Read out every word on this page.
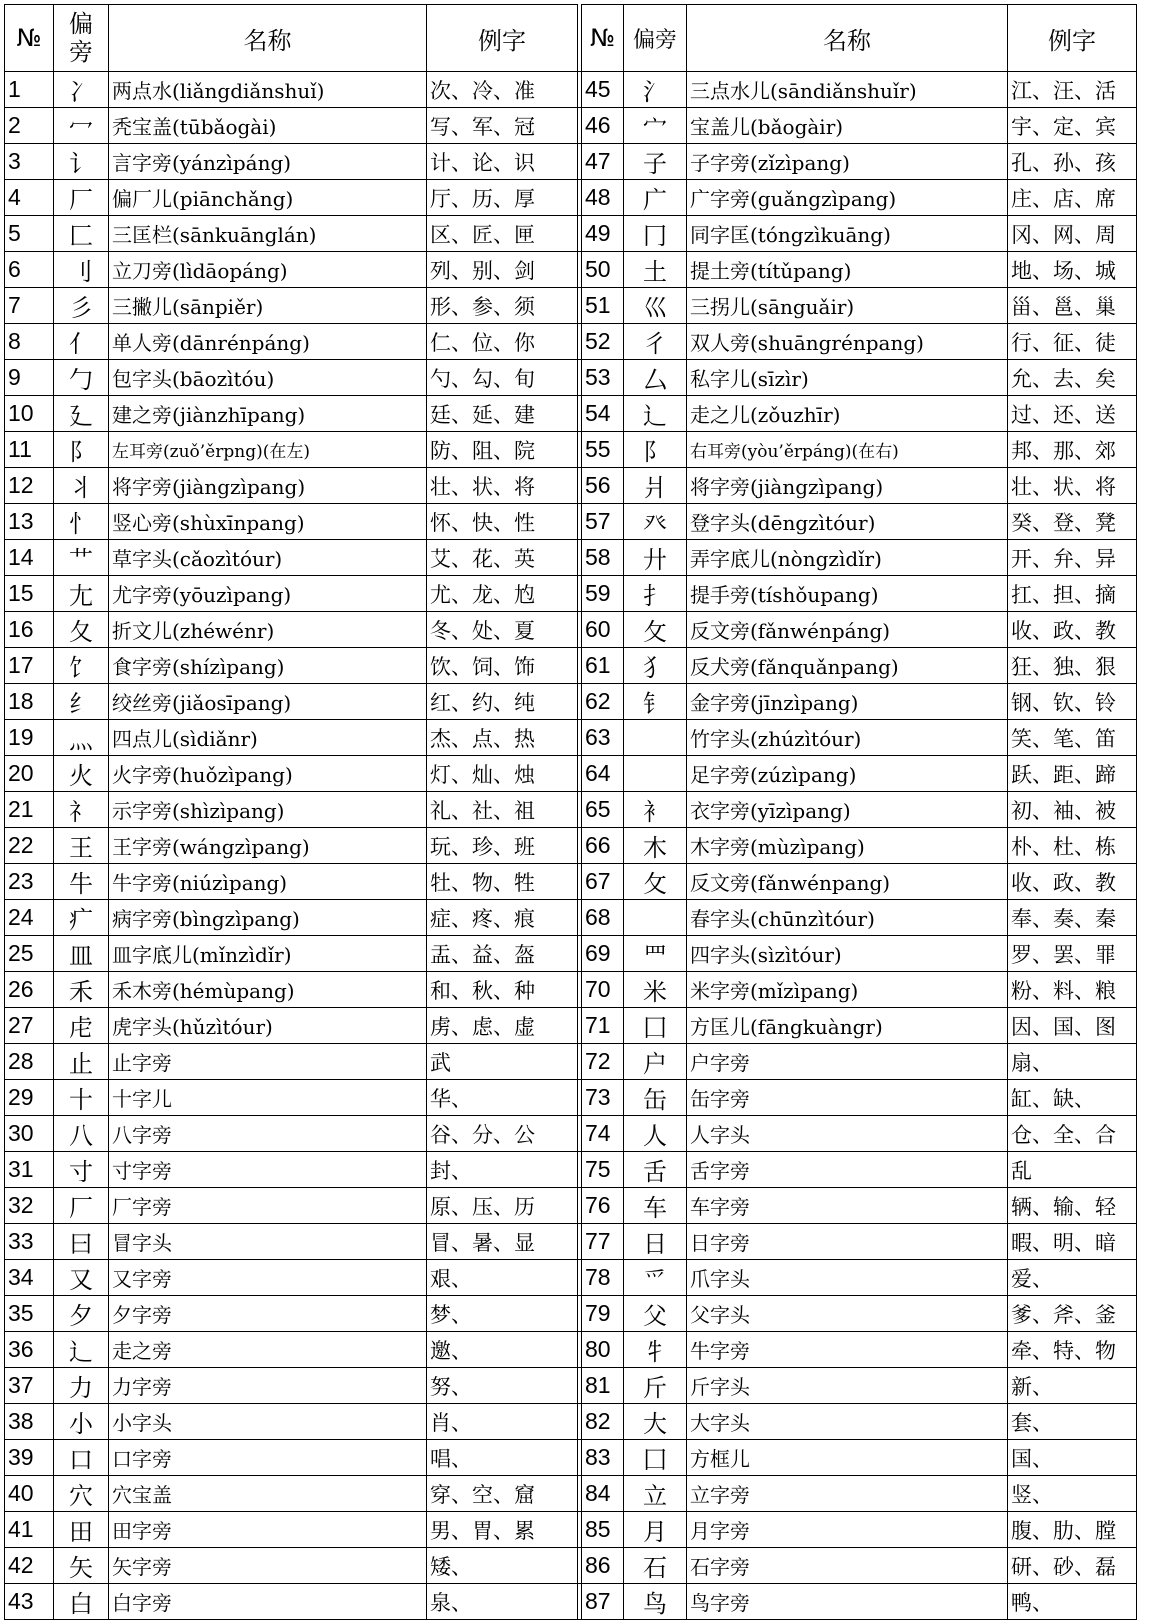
№	偏旁	名称	例字		№	偏旁	名称	例字
1	冫	两点水(liǎngdiǎnshuǐ)	次、冷、准		45	氵	三点水儿(sāndiǎnshuǐr)	江、汪、活
2	冖	秃宝盖(tūbǎogài)	写、军、冠		46	宀	宝盖儿(bǎogàir)	宇、定、宾
3	讠	言字旁(yánzìpáng)	计、论、识		47	子	子字旁(zǐzìpang)	孔、孙、孩
4	厂	偏厂儿(piānchǎng)	厅、历、厚		48	广	广字旁(guǎngzìpang)	庄、店、席
5	匚	三匡栏(sānkuānglán)	区、匠、匣		49	冂	同字匡(tóngzìkuāng)	冈、网、周
6	刂	立刀旁(lìdāopáng)	列、别、剑		50	土	提土旁(títǔpang)	地、场、城
7	彡	三撇儿(sānpiěr)	形、参、须		51	巛	三拐儿(sānguǎir)	甾、邕、巢
8	亻	单人旁(dānrénpáng)	仁、位、你		52	彳	双人旁(shuāngrénpang)	行、征、徒
9	勹	包字头(bāozìtóu)	勺、勾、旬		53	厶	私字儿(sīzìr)	允、去、矣
10	廴	建之旁(jiànzhīpang)	廷、延、建		54	辶	走之儿(zǒuzhīr)	过、还、送
11	阝	左耳旁(zuǒ’ěrpng)(在左)	防、阻、院		55	阝	右耳旁(yòu’ěrpáng)(在右)	邦、那、郊
12	丬	将字旁(jiàngzìpang)	壮、状、将		56	爿	将字旁(jiàngzìpang)	壮、状、将
13	忄	竖心旁(shùxīnpang)	怀、快、性		57	癶	登字头(dēngzìtóur)	癸、登、凳
14	艹	草字头(cǎozìtóur)	艾、花、英		58	廾	弄字底儿(nòngzìdǐr)	开、弁、异
15	尢	尤字旁(yōuzìpang)	尤、龙、尥		59	扌	提手旁(tíshǒupang)	扛、担、摘
16	夂	折文儿(zhéwénr)	冬、处、夏		60	攵	反文旁(fǎnwénpáng)	收、政、教
17	饣	食字旁(shízìpang)	饮、饲、饰		61	犭	反犬旁(fǎnquǎnpang)	狂、独、狠
18	纟	绞丝旁(jiǎosīpang)	红、约、纯		62	钅	金字旁(jīnzìpang)	钢、钦、铃
19	灬	四点儿(sìdiǎnr)	杰、点、热		63		竹字头(zhúzìtóur)	笑、笔、笛
20	火	火字旁(huǒzìpang)	灯、灿、烛		64		足字旁(zúzìpang)	跃、距、蹄
21	礻	示字旁(shìzìpang)	礼、社、祖		65	衤	衣字旁(yīzìpang)	初、袖、被
22	王	王字旁(wángzìpang)	玩、珍、班		66	木	木字旁(mùzìpang)	朴、杜、栋
23	牛	牛字旁(niúzìpang)	牡、物、牲		67	攵	反文旁(fǎnwénpang)	收、政、教
24	疒	病字旁(bìngzìpang)	症、疼、痕		68		春字头(chūnzìtóur)	奉、奏、秦
25	皿	皿字底儿(mǐnzìdǐr)	盂、益、盔		69	罒	四字头(sìzìtóur)	罗、罢、罪
26	禾	禾木旁(hémùpang)	和、秋、种		70	米	米字旁(mǐzìpang)	粉、料、粮
27	虍	虎字头(hǔzìtóur)	虏、虑、虚		71	囗	方匡儿(fāngkuàngr)	因、国、图
28	止	止字旁	武		72	户	户字旁	扇、
29	十	十字儿	华、		73	缶	缶字旁	缸、缺、
30	八	八字旁	谷、分、公		74	人	人字头	仓、全、合
31	寸	寸字旁	封、		75	舌	舌字旁	乱
32	厂	厂字旁	原、压、历		76	车	车字旁	辆、输、轻
33	曰	冒字头	冒、暑、显		77	日	日字旁	暇、明、暗
34	又	又字旁	艰、		78	爫	爪字头	爱、
35	夕	夕字旁	梦、		79	父	父字头	爹、斧、釜
36	辶	走之旁	邀、		80	牜	牛字旁	牵、特、物
37	力	力字旁	努、		81	斤	斤字头	新、
38	小	小字头	肖、		82	大	大字头	套、
39	口	口字旁	唱、		83	囗	方框儿	国、
40	穴	穴宝盖	穿、空、窟		84	立	立字旁	竖、
41	田	田字旁	男、胃、累		85	月	月字旁	腹、肋、膛
42	矢	矢字旁	矮、		86	石	石字旁	研、砂、磊
43	白	白字旁	泉、		87	鸟	鸟字旁	鸭、
